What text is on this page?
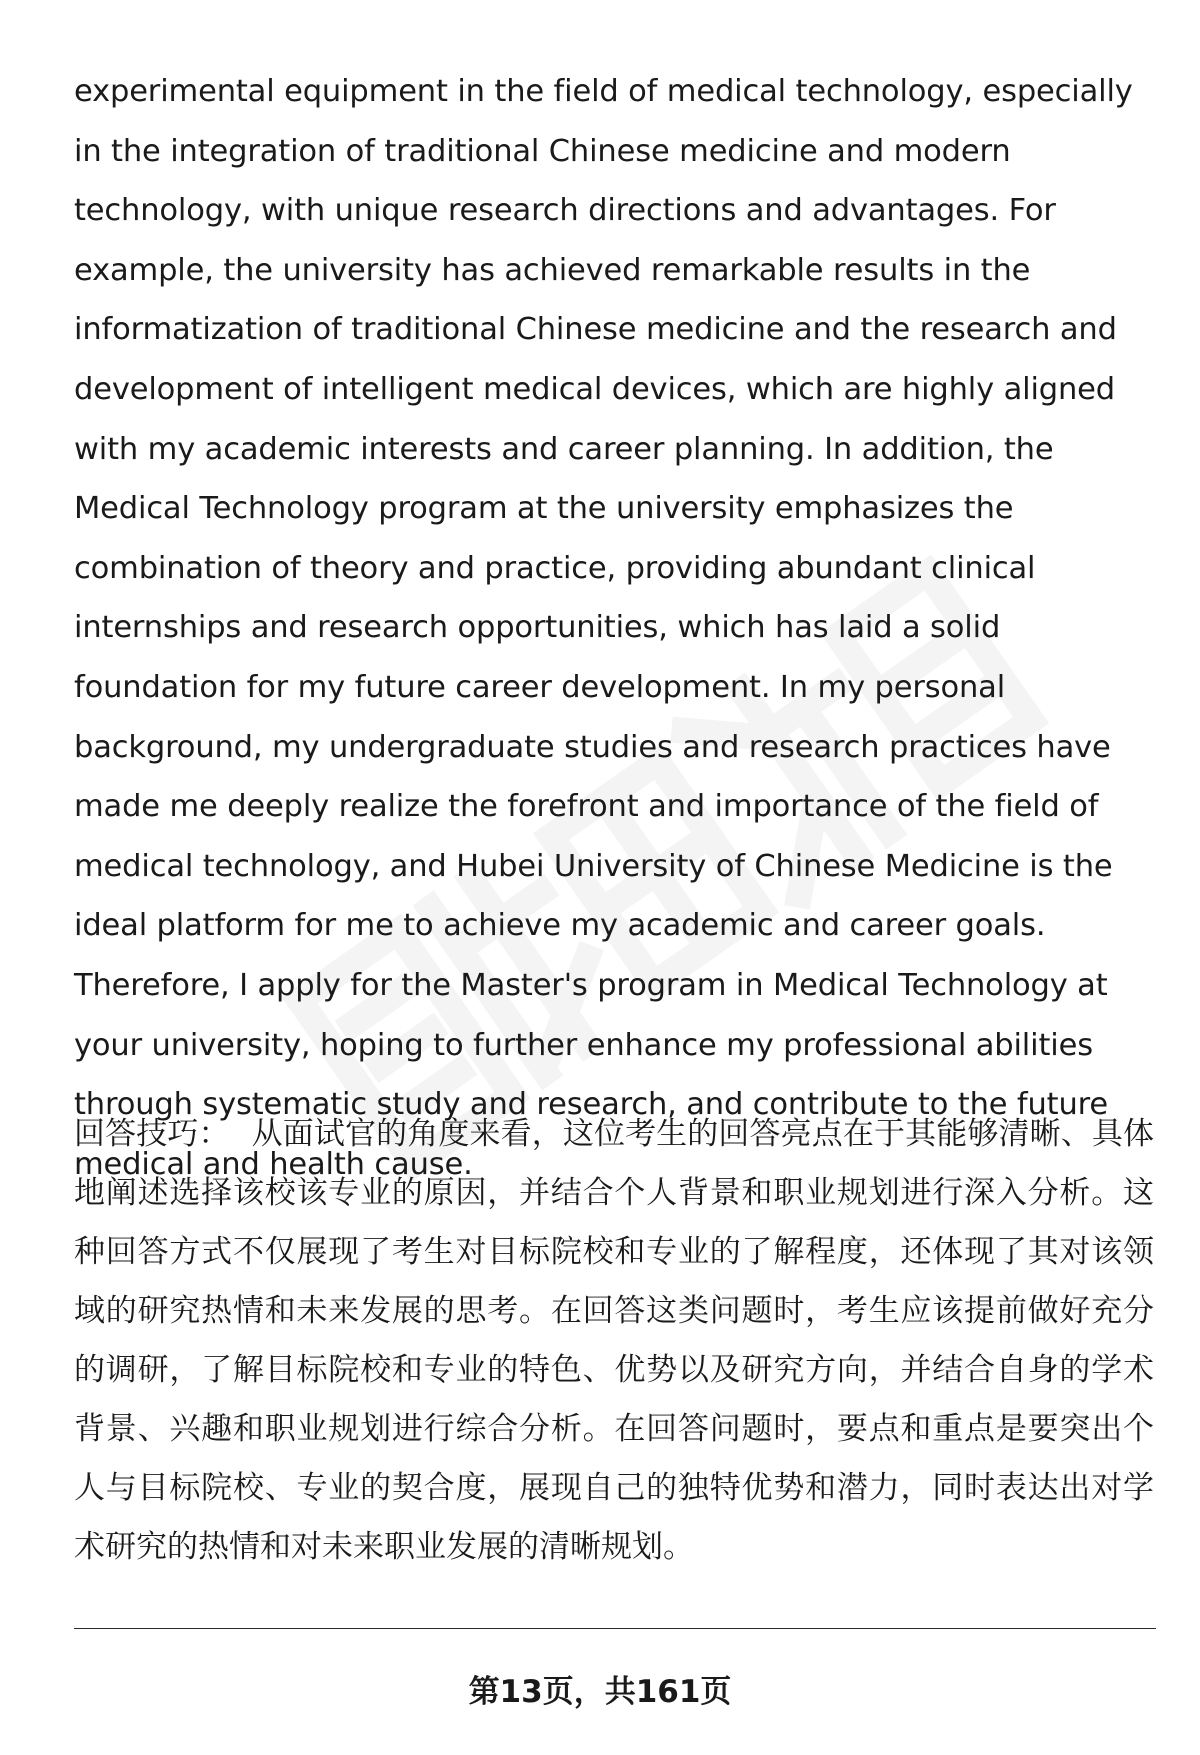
experimental equipment in the field of medical technology, especially in the integration of traditional Chinese medicine and modern technology, with unique research directions and advantages. For example, the university has achieved remarkable results in the informatization of traditional Chinese medicine and the research and development of intelligent medical devices, which are highly aligned with my academic interests and career planning. In addition, the Medical Technology program at the university emphasizes the combination of theory and practice, providing abundant clinical internships and research opportunities, which has laid a solid foundation for my future career development. In my personal background, my undergraduate studies and research practices have made me deeply realize the forefront and importance of the field of medical technology, and Hubei University of Chinese Medicine is the ideal platform for me to achieve my academic and career goals. Therefore, I apply for the Master's program in Medical Technology at your university, hoping to further enhance my professional abilities through systematic study and research, and contribute to the future medical and health cause.

回答技巧： 从面试官的角度来看，这位考生的回答亮点在于其能够清晰、具体地阐述选择该校该专业的原因，并结合个人背景和职业规划进行深入分析。这种回答方式不仅展现了考生对目标院校和专业的了解程度，还体现了其对该领域的研究热情和未来发展的思考。在回答这类问题时，考生应该提前做好充分的调研，了解目标院校和专业的特色、优势以及研究方向，并结合自身的学术背景、兴趣和职业规划进行综合分析。在回答问题时，要点和重点是要突出个人与目标院校、专业的契合度，展现自己的独特优势和潜力，同时表达出对学术研究的热情和对未来职业发展的清晰规划。

第13页，共161页
